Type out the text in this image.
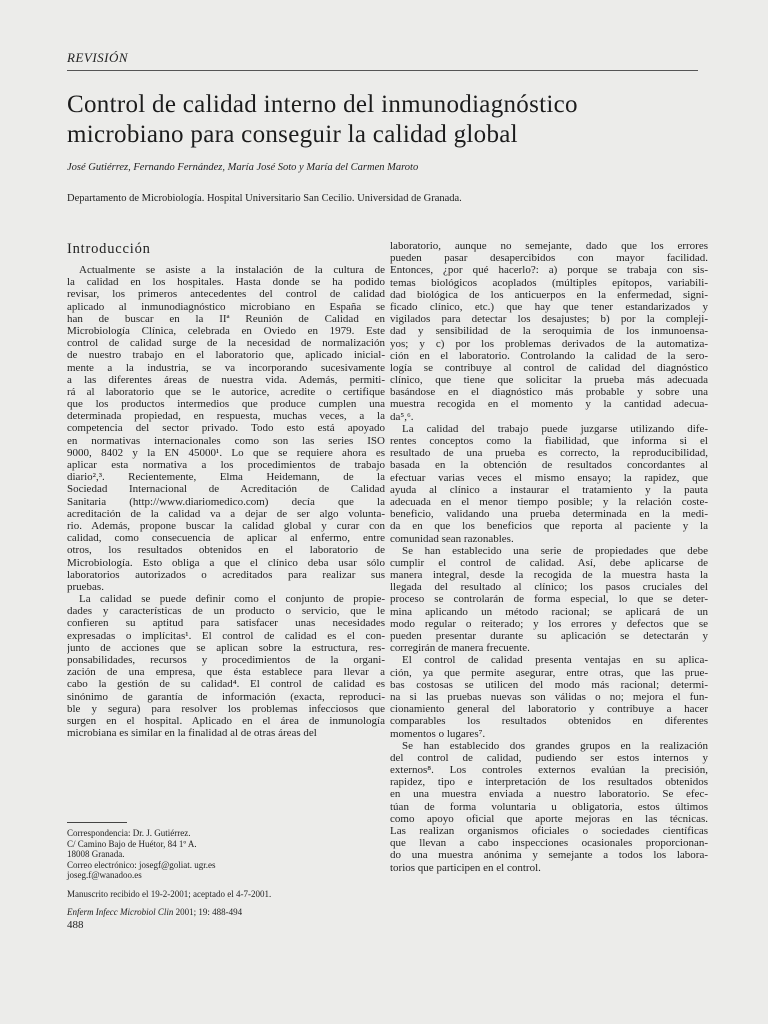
REVISIÓN
Control de calidad interno del inmunodiagnóstico
microbiano para conseguir la calidad global
José Gutiérrez, Fernando Fernández, María José Soto y María del Carmen Maroto
Departamento de Microbiología. Hospital Universitario San Cecilio. Universidad de Granada.
Introducción
Actualmente se asiste a la instalación de la cultura de
la calidad en los hospitales. Hasta donde se ha podido
revisar, los primeros antecedentes del control de calidad
aplicado al inmunodiagnóstico microbiano en España se
han de buscar en la IIª Reunión de Calidad en
Microbiología Clínica, celebrada en Oviedo en 1979. Este
control de calidad surge de la necesidad de normalización
de nuestro trabajo en el laboratorio que, aplicado inicial-
mente a la industria, se va incorporando sucesivamente
a las diferentes áreas de nuestra vida. Además, permiti-
rá al laboratorio que se le autorice, acredite o certifique
que los productos intermedios que produce cumplen una
determinada propiedad, en respuesta, muchas veces, a la
competencia del sector privado. Todo esto está apoyado
en normativas internacionales como son las series ISO
9000, 8402 y la EN 45000¹. Lo que se requiere ahora es
aplicar esta normativa a los procedimientos de trabajo
diario²,³. Recientemente, Elma Heidemann, de la
Sociedad Internacional de Acreditación de Calidad
Sanitaria (http://www.diariomedico.com) decía que la
acreditación de la calidad va a dejar de ser algo volunta-
rio. Además, propone buscar la calidad global y curar con
calidad, como consecuencia de aplicar al enfermo, entre
otros, los resultados obtenidos en el laboratorio de
Microbiología. Esto obliga a que el clínico deba usar sólo
laboratorios autorizados o acreditados para realizar sus
pruebas.
La calidad se puede definir como el conjunto de propie-
dades y características de un producto o servicio, que le
confieren su aptitud para satisfacer unas necesidades
expresadas o implícitas¹. El control de calidad es el con-
junto de acciones que se aplican sobre la estructura, res-
ponsabilidades, recursos y procedimientos de la organi-
zación de una empresa, que ésta establece para llevar a
cabo la gestión de su calidad⁴. El control de calidad es
sinónimo de garantía de información (exacta, reproduci-
ble y segura) para resolver los problemas infecciosos que
surgen en el hospital. Aplicado en el área de inmunología
microbiana es similar en la finalidad al de otras áreas del
laboratorio, aunque no semejante, dado que los errores
pueden pasar desapercibidos con mayor facilidad.
Entonces, ¿por qué hacerlo?: a) porque se trabaja con sis-
temas biológicos acoplados (múltiples epítopos, variabili-
dad biológica de los anticuerpos en la enfermedad, signi-
ficado clínico, etc.) que hay que tener estandarizados y
vigilados para detectar los desajustes; b) por la compleji-
dad y sensibilidad de la seroquimia de los inmunoensa-
yos; y c) por los problemas derivados de la automatiza-
ción en el laboratorio. Controlando la calidad de la sero-
logía se contribuye al control de calidad del diagnóstico
clínico, que tiene que solicitar la prueba más adecuada
basándose en el diagnóstico más probable y sobre una
muestra recogida en el momento y la cantidad adecua-
da⁵,⁶.
La calidad del trabajo puede juzgarse utilizando dife-
rentes conceptos como la fiabilidad, que informa si el
resultado de una prueba es correcto, la reproducibilidad,
basada en la obtención de resultados concordantes al
efectuar varias veces el mismo ensayo; la rapidez, que
ayuda al clínico a instaurar el tratamiento y la pauta
adecuada en el menor tiempo posible; y la relación coste-
beneficio, validando una prueba determinada en la medi-
da en que los beneficios que reporta al paciente y la
comunidad sean razonables.
Se han establecido una serie de propiedades que debe
cumplir el control de calidad. Así, debe aplicarse de
manera integral, desde la recogida de la muestra hasta la
llegada del resultado al clínico; los pasos cruciales del
proceso se controlarán de forma especial, lo que se deter-
mina aplicando un método racional; se aplicará de un
modo regular o reiterado; y los errores y defectos que se
pueden presentar durante su aplicación se detectarán y
corregirán de manera frecuente.
El control de calidad presenta ventajas en su aplica-
ción, ya que permite asegurar, entre otras, que las prue-
bas costosas se utilicen del modo más racional; determi-
na si las pruebas nuevas son válidas o no; mejora el fun-
cionamiento general del laboratorio y contribuye a hacer
comparables los resultados obtenidos en diferentes
momentos o lugares⁷.
Se han establecido dos grandes grupos en la realización
del control de calidad, pudiendo ser estos internos y
externos⁸. Los controles externos evalúan la precisión,
rapidez, tipo e interpretación de los resultados obtenidos
en una muestra enviada a nuestro laboratorio. Se efec-
túan de forma voluntaria u obligatoria, estos últimos
como apoyo oficial que aporte mejoras en las técnicas.
Las realizan organismos oficiales o sociedades científicas
que llevan a cabo inspecciones ocasionales proporcionan-
do una muestra anónima y semejante a todos los labora-
torios que participen en el control.
Correspondencia: Dr. J. Gutiérrez.
C/ Camino Bajo de Huétor, 84 1º A.
18008 Granada.
Correo electrónico: josegf@goliat. ugr.es
joseg.f@wanadoo.es
Manuscrito recibido el 19-2-2001; aceptado el 4-7-2001.
Enferm Infecc Microbiol Clin 2001; 19: 488-494
488
